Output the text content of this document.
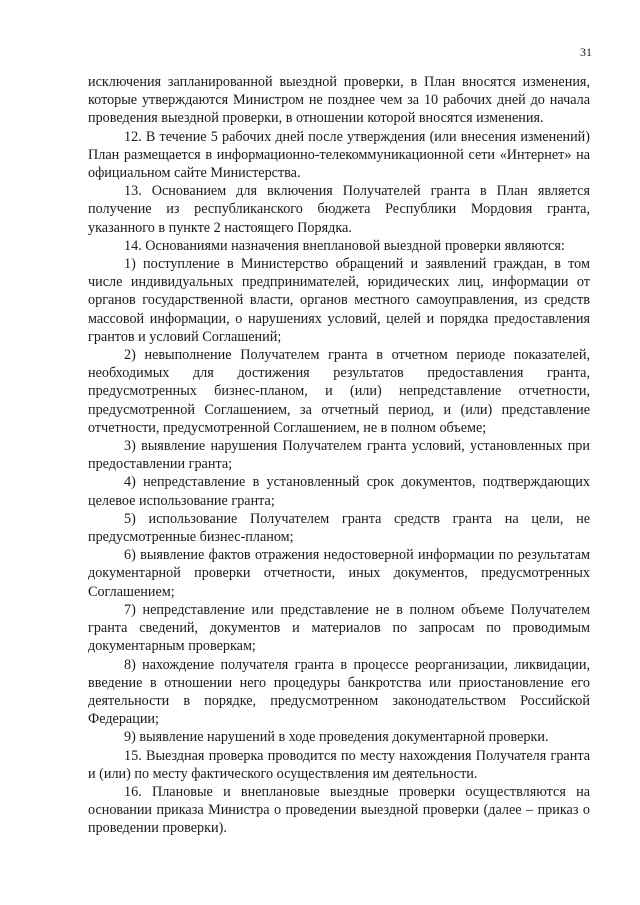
31

исключения запланированной выездной проверки, в План вносятся изменения, которые утверждаются Министром не позднее чем за 10 рабочих дней до начала проведения выездной проверки, в отношении которой вносятся изменения.

12. В течение 5 рабочих дней после утверждения (или внесения изменений) План размещается в информационно-телекоммуникационной сети «Интернет» на официальном сайте Министерства.

13. Основанием для включения Получателей гранта в План является получение из республиканского бюджета Республики Мордовия гранта, указанного в пункте 2 настоящего Порядка.

14. Основаниями назначения внеплановой выездной проверки являются:

1) поступление в Министерство обращений и заявлений граждан, в том числе индивидуальных предпринимателей, юридических лиц, информации от органов государственной власти, органов местного самоуправления, из средств массовой информации, о нарушениях условий, целей и порядка предоставления грантов и условий Соглашений;

2) невыполнение Получателем гранта в отчетном периоде показателей, необходимых для достижения результатов предоставления гранта, предусмотренных бизнес-планом, и (или) непредставление отчетности, предусмотренной Соглашением, за отчетный период, и (или) представление отчетности, предусмотренной Соглашением, не в полном объеме;

3) выявление нарушения Получателем гранта условий, установленных при предоставлении гранта;

4) непредставление в установленный срок документов, подтверждающих целевое использование гранта;

5) использование Получателем гранта средств гранта на цели, не предусмотренные бизнес-планом;

6) выявление фактов отражения недостоверной информации по результатам документарной проверки отчетности, иных документов, предусмотренных Соглашением;

7) непредставление или представление не в полном объеме Получателем гранта сведений, документов и материалов по запросам по проводимым документарным проверкам;

8) нахождение получателя гранта в процессе реорганизации, ликвидации, введение в отношении него процедуры банкротства или приостановление его деятельности в порядке, предусмотренном законодательством Российской Федерации;

9) выявление нарушений в ходе проведения документарной проверки.

15. Выездная проверка проводится по месту нахождения Получателя гранта и (или) по месту фактического осуществления им деятельности.

16. Плановые и внеплановые выездные проверки осуществляются на основании приказа Министра о проведении выездной проверки (далее – приказ о проведении проверки).
